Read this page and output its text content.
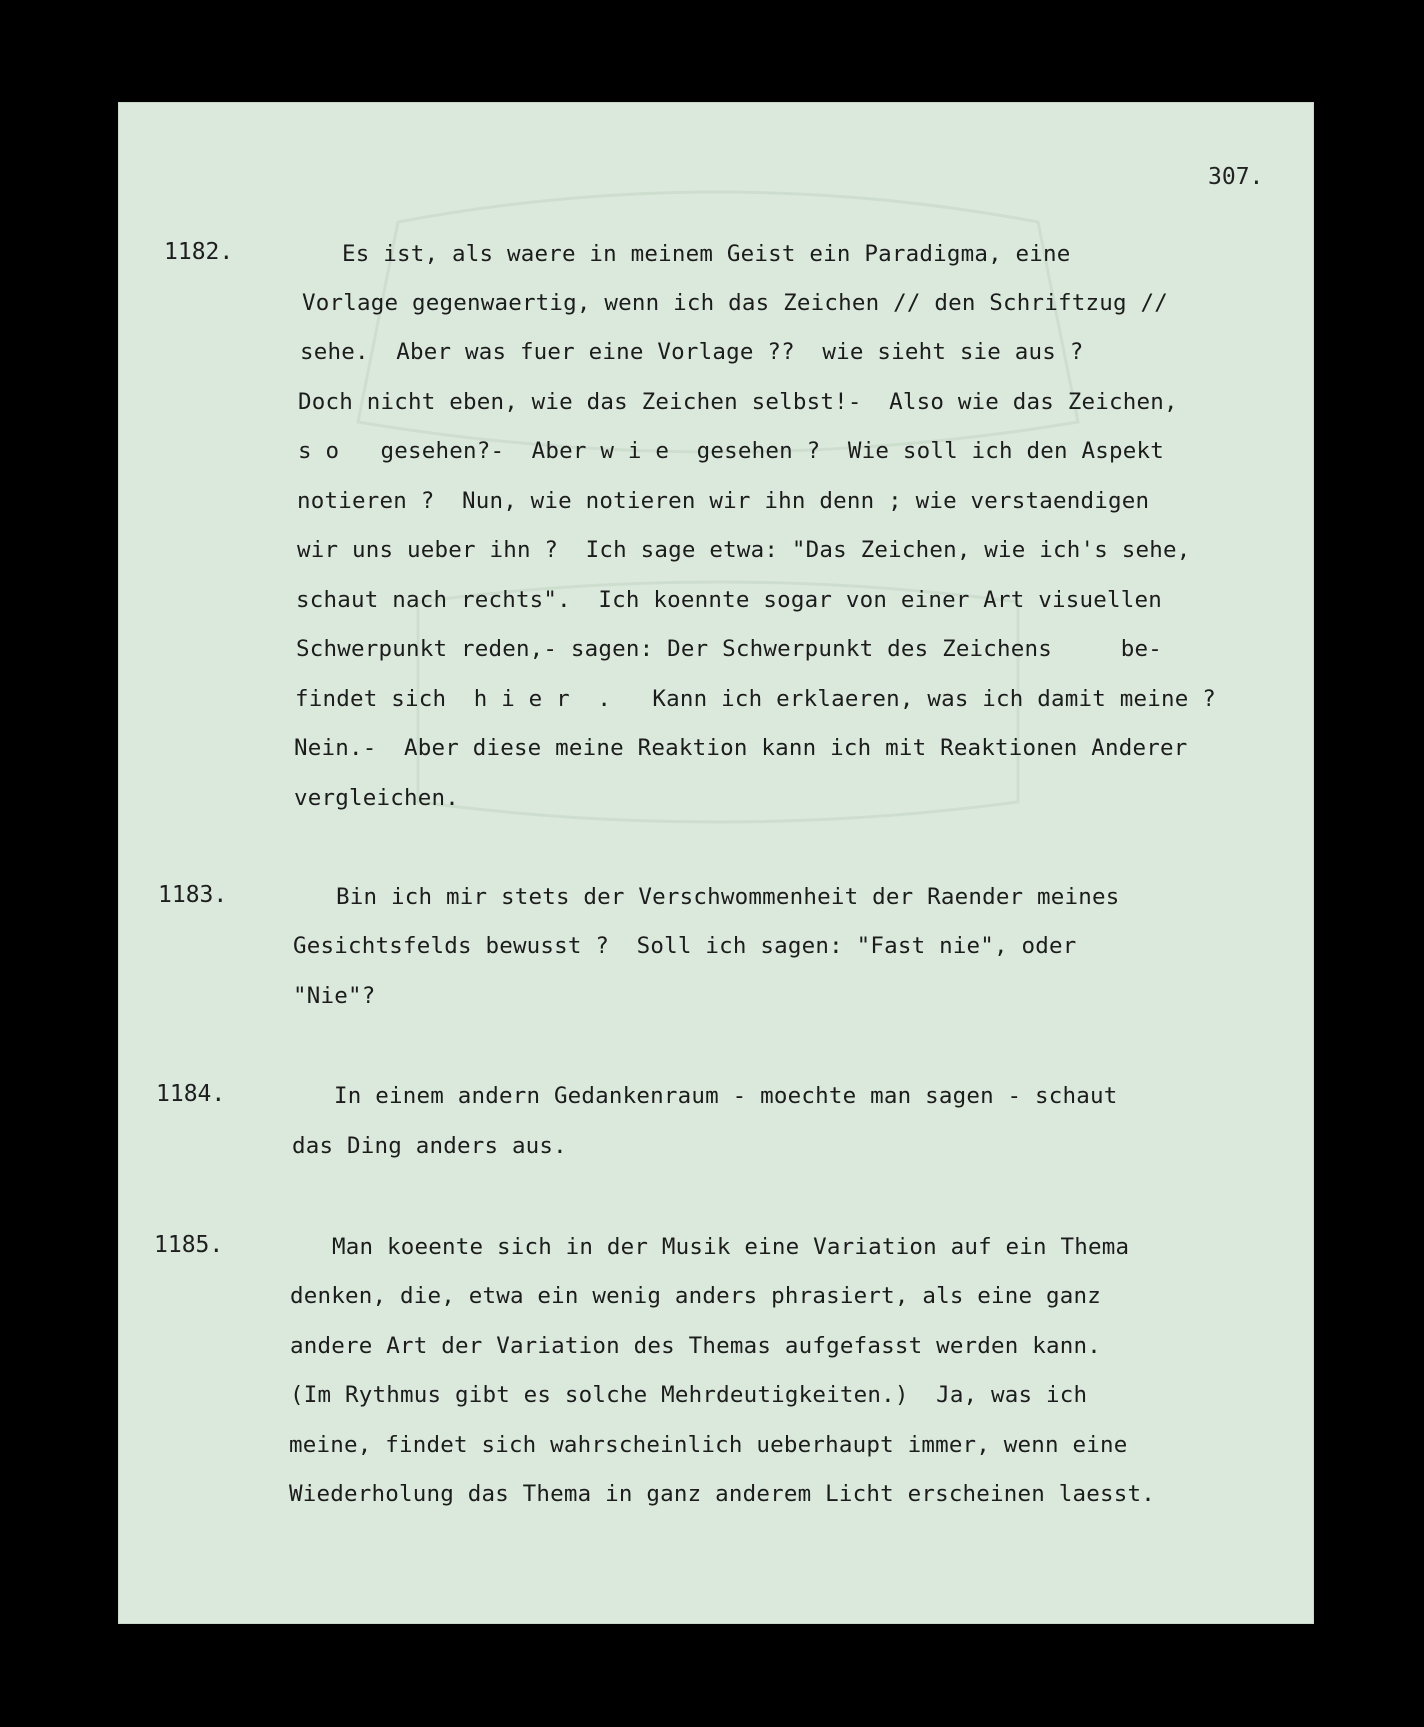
307.
1182.	Es ist, als waere in meinem Geist ein Paradigma, eine
Vorlage gegenwaertig, wenn ich das Zeichen // den Schriftzug //
sehe.  Aber was fuer eine Vorlage ??  wie sieht sie aus ?
Doch nicht eben, wie das Zeichen selbst!-  Also wie das Zeichen,
s o   gesehen?-  Aber w i e  gesehen ?  Wie soll ich den Aspekt
notieren ?  Nun, wie notieren wir ihn denn ; wie verstaendigen
wir uns ueber ihn ?  Ich sage etwa: "Das Zeichen, wie ich's sehe,
schaut nach rechts".  Ich koennte sogar von einer Art visuellen
Schwerpunkt reden,- sagen: Der Schwerpunkt des Zeichens     be-
findet sich  h i e r  .   Kann ich erklaeren, was ich damit meine ?
Nein.-  Aber diese meine Reaktion kann ich mit Reaktionen Anderer
vergleichen.
1183.	Bin ich mir stets der Verschwommenheit der Raender meines
Gesichtsfelds bewusst ?  Soll ich sagen: "Fast nie", oder
"Nie"?
1184.	In einem andern Gedankenraum - moechte man sagen - schaut
das Ding anders aus.
1185.	Man koeente sich in der Musik eine Variation auf ein Thema
denken, die, etwa ein wenig anders phrasiert, als eine ganz
andere Art der Variation des Themas aufgefasst werden kann.
(Im Rythmus gibt es solche Mehrdeutigkeiten.)  Ja, was ich
meine, findet sich wahrscheinlich ueberhaupt immer, wenn eine
Wiederholung das Thema in ganz anderem Licht erscheinen laesst.
